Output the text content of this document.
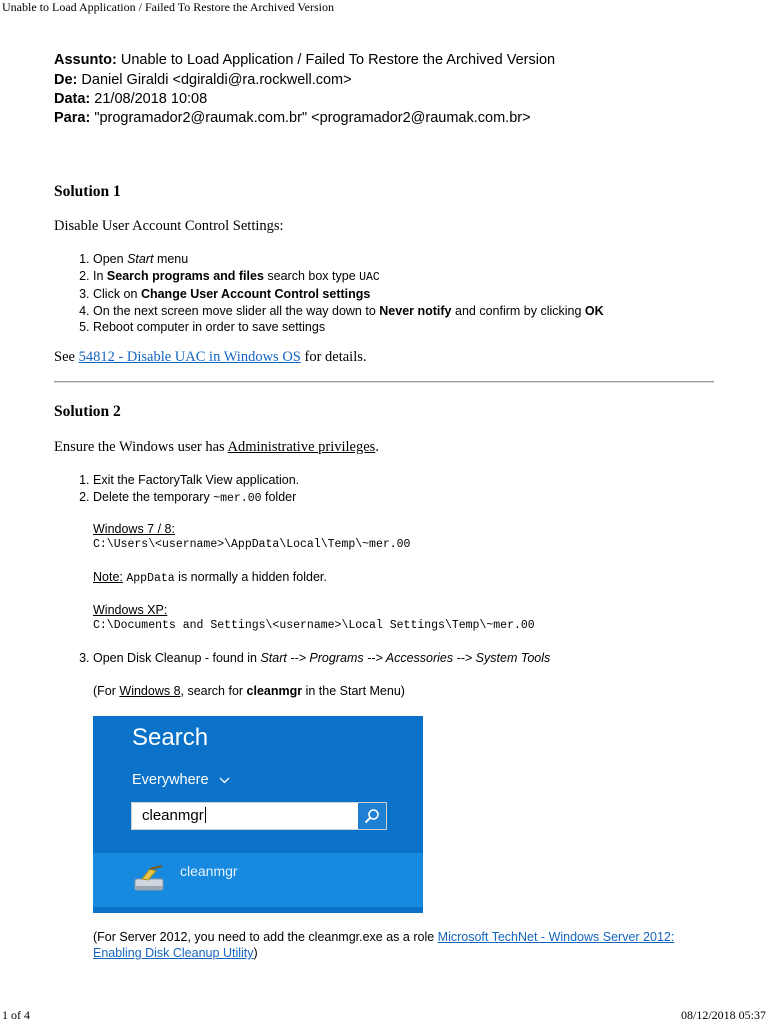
Unable to Load Application / Failed To Restore the Archived Version
Assunto: Unable to Load Application / Failed To Restore the Archived Version
De: Daniel Giraldi <dgiraldi@ra.rockwell.com>
Data: 21/08/2018 10:08
Para: "programador2@raumak.com.br" <programador2@raumak.com.br>
Solution 1
Disable User Account Control Settings:
1. Open Start menu
2. In Search programs and files search box type UAC
3. Click on Change User Account Control settings
4. On the next screen move slider all the way down to Never notify and confirm by clicking OK
5. Reboot computer in order to save settings
See 54812 - Disable UAC in Windows OS for details.
Solution 2
Ensure the Windows user has Administrative privileges.
1. Exit the FactoryTalk View application.
2. Delete the temporary ~mer.00 folder
Windows 7 / 8:
C:\Users\<username>\AppData\Local\Temp\~mer.00
Note: AppData is normally a hidden folder.
Windows XP:
C:\Documents and Settings\<username>\Local Settings\Temp\~mer.00
3. Open Disk Cleanup - found in Start --> Programs --> Accessories --> System Tools
(For Windows 8, search for cleanmgr in the Start Menu)
Search
Everywhere
cleanmgr
cleanmgr
(For Server 2012, you need to add the cleanmgr.exe as a role Microsoft TechNet - Windows Server 2012:
Enabling Disk Cleanup Utility)
1 of 4	08/12/2018 05:37
